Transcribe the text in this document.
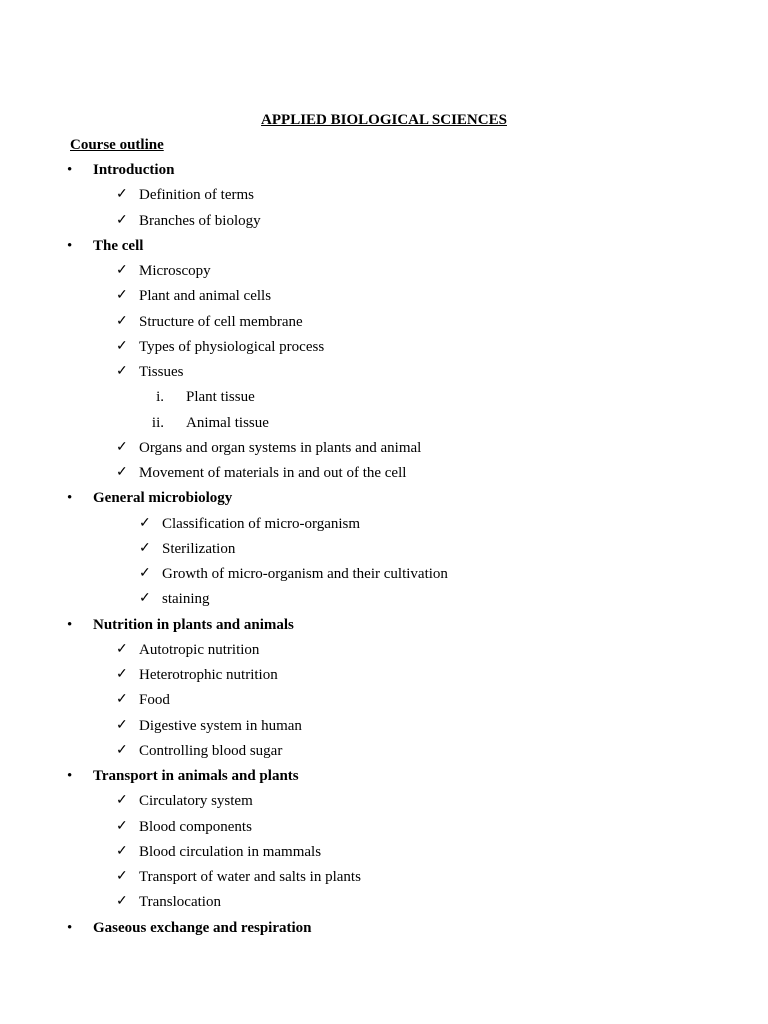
APPLIED BIOLOGICAL SCIENCES
Course outline
• Introduction
✓ Definition of terms
✓ Branches of biology
• The cell
✓ Microscopy
✓ Plant and animal cells
✓ Structure of cell membrane
✓ Types of physiological process
✓ Tissues
i. Plant tissue
ii. Animal tissue
✓ Organs and organ systems in plants and animal
✓ Movement of materials in and out of the cell
• General microbiology
✓ Classification of micro-organism
✓ Sterilization
✓ Growth of micro-organism and their cultivation
✓ staining
• Nutrition in plants and animals
✓ Autotropic nutrition
✓ Heterotrophic nutrition
✓ Food
✓ Digestive system in human
✓ Controlling blood sugar
• Transport in animals and plants
✓ Circulatory system
✓ Blood components
✓ Blood circulation in mammals
✓ Transport of water and salts in plants
✓ Translocation
• Gaseous exchange and respiration
